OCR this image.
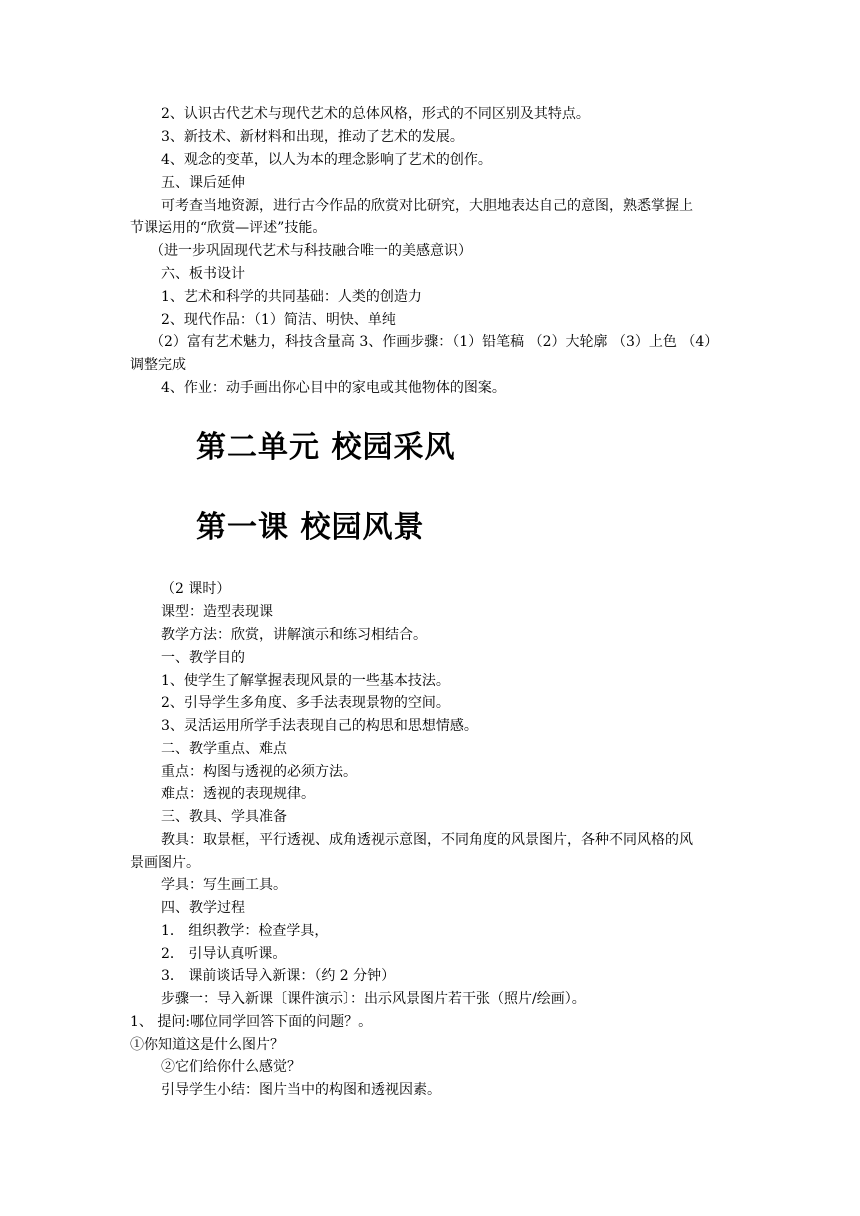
2、认识古代艺术与现代艺术的总体风格，形式的不同区别及其特点。
3、新技术、新材料和出现，推动了艺术的发展。
4、观念的变革，以人为本的理念影响了艺术的创作。
五、课后延伸
可考查当地资源，进行古今作品的欣赏对比研究，大胆地表达自己的意图，熟悉掌握上
节课运用的“欣赏—评述”技能。
（进一步巩固现代艺术与科技融合唯一的美感意识）
六、板书设计
1、艺术和科学的共同基础：人类的创造力
2、现代作品：（1）简洁、明快、单纯
（2）富有艺术魅力，科技含量高 3、作画步骤：（1）铅笔稿 （2）大轮廓 （3）上色 （4）
调整完成
4、作业：动手画出你心目中的家电或其他物体的图案。
第二单元 校园采风
第一课 校园风景
（2 课时）
课型：造型表现课
教学方法：欣赏，讲解演示和练习相结合。
一、教学目的
1、使学生了解掌握表现风景的一些基本技法。
2、引导学生多角度、多手法表现景物的空间。
3、灵活运用所学手法表现自己的构思和思想情感。
二、教学重点、难点
重点：构图与透视的必须方法。
难点：透视的表现规律。
三、教具、学具准备
教具：取景框，平行透视、成角透视示意图，不同角度的风景图片，各种不同风格的风
景画图片。
学具：写生画工具。
四、教学过程
1． 组织教学：检查学具，
2． 引导认真听课。
3． 课前谈话导入新课：（约 2 分钟）
步骤一：导入新课〔课件演示〕：出示风景图片若干张（照片/绘画）。
1、 提问:哪位同学回答下面的问题？。
①你知道这是什么图片？
②它们给你什么感觉？
引导学生小结：图片当中的构图和透视因素。
